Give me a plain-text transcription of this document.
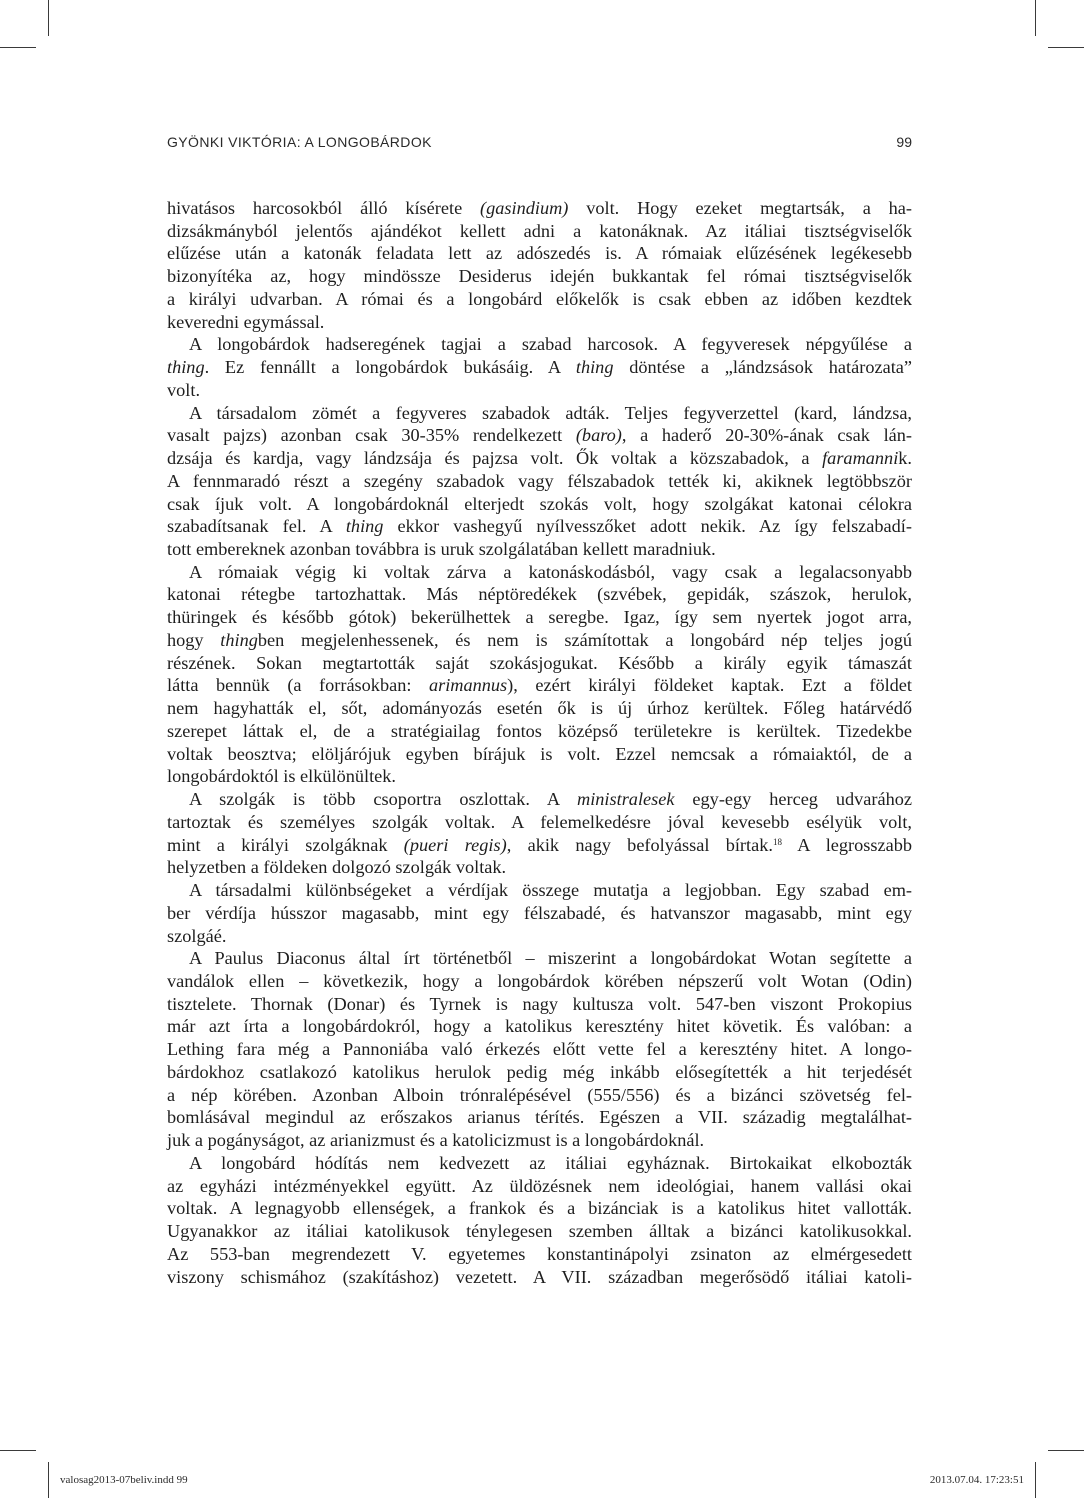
GYÖNKI VIKTÓRIA: A LONGOBÁRDOK	99

hivatásos harcosokból álló kísérete (gasindium) volt. Hogy ezeket megtartsák, a ha-
dizsákmányból jelentős ajándékot kellett adni a katonáknak. Az itáliai tisztségviselők
elűzése után a katonák feladata lett az adószedés is. A rómaiak elűzésének legékesebb
bizonyítéka az, hogy mindössze Desiderus idején bukkantak fel római tisztségviselők
a királyi udvarban. A római és a longobárd előkelők is csak ebben az időben kezdtek
keveredni egymással.

A longobárdok hadseregének tagjai a szabad harcosok. A fegyveresek népgyűlése a
thing. Ez fennállt a longobárdok bukásáig. A thing döntése a „lándzsások határozata”
volt.

A társadalom zömét a fegyveres szabadok adták. Teljes fegyverzettel (kard, lándzsa,
vasalt pajzs) azonban csak 30-35% rendelkezett (baro), a haderő 20-30%-ának csak lán-
dzsája és kardja, vagy lándzsája és pajzsa volt. Ők voltak a közszabadok, a faramannik.
A fennmaradó részt a szegény szabadok vagy félszabadok tették ki, akiknek legtöbbször
csak íjuk volt. A longobárdoknál elterjedt szokás volt, hogy szolgákat katonai célokra
szabadítsanak fel. A thing ekkor vashegyű nyílvesszőket adott nekik. Az így felszabadí-
tott embereknek azonban továbbra is uruk szolgálatában kellett maradniuk.

A rómaiak végig ki voltak zárva a katonáskodásból, vagy csak a legalacsonyabb
katonai rétegbe tartozhattak. Más néptöredékek (szvébek, gepidák, szászok, herulok,
thüringek és később gótok) bekerülhettek a seregbe. Igaz, így sem nyertek jogot arra,
hogy thingben megjelenhessenek, és nem is számítottak a longobárd nép teljes jogú
részének. Sokan megtartották saját szokásjogukat. Később a király egyik támaszát
látta bennük (a forrásokban: arimannus), ezért királyi földeket kaptak. Ezt a földet
nem hagyhatták el, sőt, adományozás esetén ők is új úrhoz kerültek. Főleg határvédő
szerepet láttak el, de a stratégiailag fontos középső területekre is kerültek. Tizedekbe
voltak beosztva; elöljárójuk egyben bírájuk is volt. Ezzel nemcsak a rómaiaktól, de a
longobárdoktól is elkülönültek.

A szolgák is több csoportra oszlottak. A ministralesek egy-egy herceg udvarához
tartoztak és személyes szolgák voltak. A felemelkedésre jóval kevesebb esélyük volt,
mint a királyi szolgáknak (pueri regis), akik nagy befolyással bírtak.$^{18}$ A legrosszabb
helyzetben a földeken dolgozó szolgák voltak.

A társadalmi különbségeket a vérdíjak összege mutatja a legjobban. Egy szabad em-
ber vérdíja hússzor magasabb, mint egy félszabadé, és hatvanszor magasabb, mint egy
szolgáé.

A Paulus Diaconus által írt történetből – miszerint a longobárdokat Wotan segítette a
vandálok ellen – következik, hogy a longobárdok körében népszerű volt Wotan (Odin)
tisztelete. Thornak (Donar) és Tyrnek is nagy kultusza volt. 547-ben viszont Prokopius
már azt írta a longobárdokról, hogy a katolikus keresztény hitet követik. És valóban: a
Lething fara még a Pannoniába való érkezés előtt vette fel a keresztény hitet. A longo-
bárdokhoz csatlakozó katolikus herulok pedig még inkább elősegítették a hit terjedését
a nép körében. Azonban Alboin trónralépésével (555/556) és a bizánci szövetség fel-
bomlásával megindul az erőszakos arianus térítés. Egészen a VII. századig megtalálhat-
juk a pogányságot, az arianizmust és a katolicizmust is a longobárdoknál.

A longobárd hódítás nem kedvezett az itáliai egyháznak. Birtokaikat elkobozták
az egyházi intézményekkel együtt. Az üldözésnek nem ideológiai, hanem vallási okai
voltak. A legnagyobb ellenségek, a frankok és a bizánciak is a katolikus hitet vallották.
Ugyanakkor az itáliai katolikusok ténylegesen szemben álltak a bizánci katolikusokkal.
Az 553-ban megrendezett V. egyetemes konstantinápolyi zsinaton az elmérgesedett
viszony schismához (szakításhoz) vezetett. A VII. században megerősödő itáliai katoli-

valosag2013-07beliv.indd 99	2013.07.04. 17:23:51
